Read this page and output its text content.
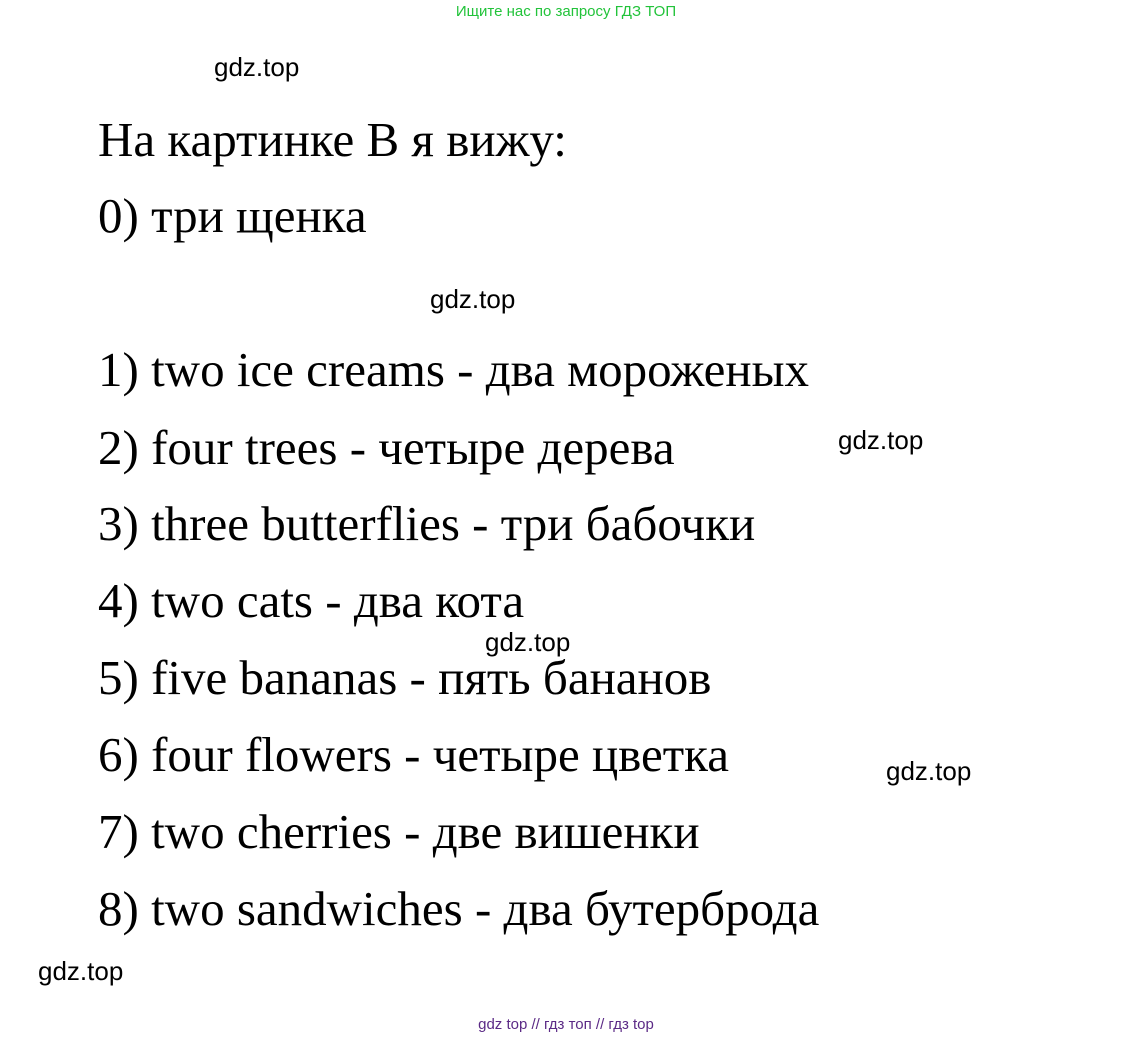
Ищите нас по запросу ГДЗ ТОП
gdz.top
На картинке B я вижу:
0) три щенка
gdz.top
1) two ice creams - два мороженых
2) four trees - четыре дерева	gdz.top
3) three butterflies - три бабочки
4) two cats - два кота
gdz.top
5) five bananas - пять бананов
6) four flowers - четыре цветка	gdz.top
7) two cherries - две вишенки
8) two sandwiches - два бутерброда
gdz.top
gdz top // гдз топ // гдз top
